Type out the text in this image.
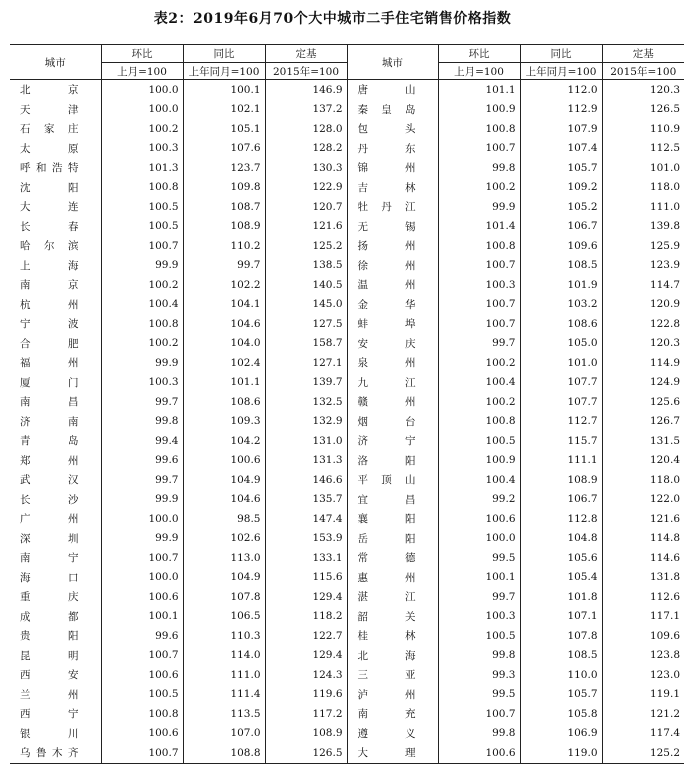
表2：2019年6月70个大中城市二手住宅销售价格指数
城市	环比	同比	定基	城市	环比	同比	定基
	上月=100	上年同月=100	2015年=100		上月=100	上年同月=100	2015年=100
北京	100.0	100.1	146.9	唐山	101.1	112.0	120.3
天津	100.0	102.1	137.2	秦皇岛	100.9	112.9	126.5
石家庄	100.2	105.1	128.0	包头	100.8	107.9	110.9
太原	100.3	107.6	128.2	丹东	100.7	107.4	112.5
呼和浩特	101.3	123.7	130.3	锦州	99.8	105.7	101.0
沈阳	100.8	109.8	122.9	吉林	100.2	109.2	118.0
大连	100.5	108.7	120.7	牡丹江	99.9	105.2	111.0
长春	100.5	108.9	121.6	无锡	101.4	106.7	139.8
哈尔滨	100.7	110.2	125.2	扬州	100.8	109.6	125.9
上海	99.9	99.7	138.5	徐州	100.7	108.5	123.9
南京	100.2	102.2	140.5	温州	100.3	101.9	114.7
杭州	100.4	104.1	145.0	金华	100.7	103.2	120.9
宁波	100.8	104.6	127.5	蚌埠	100.7	108.6	122.8
合肥	100.2	104.0	158.7	安庆	99.7	105.0	120.3
福州	99.9	102.4	127.1	泉州	100.2	101.0	114.9
厦门	100.3	101.1	139.7	九江	100.4	107.7	124.9
南昌	99.7	108.6	132.5	赣州	100.2	107.7	125.6
济南	99.8	109.3	132.9	烟台	100.8	112.7	126.7
青岛	99.4	104.2	131.0	济宁	100.5	115.7	131.5
郑州	99.6	100.6	131.3	洛阳	100.9	111.1	120.4
武汉	99.7	104.9	146.6	平顶山	100.4	108.9	118.0
长沙	99.9	104.6	135.7	宜昌	99.2	106.7	122.0
广州	100.0	98.5	147.4	襄阳	100.6	112.8	121.6
深圳	99.9	102.6	153.9	岳阳	100.0	104.8	114.8
南宁	100.7	113.0	133.1	常德	99.5	105.6	114.6
海口	100.0	104.9	115.6	惠州	100.1	105.4	131.8
重庆	100.6	107.8	129.4	湛江	99.7	101.8	112.6
成都	100.1	106.5	118.2	韶关	100.3	107.1	117.1
贵阳	99.6	110.3	122.7	桂林	100.5	107.8	109.6
昆明	100.7	114.0	129.4	北海	99.8	108.5	123.8
西安	100.6	111.0	124.3	三亚	99.3	110.0	123.0
兰州	100.5	111.4	119.6	泸州	99.5	105.7	119.1
西宁	100.8	113.5	117.2	南充	100.7	105.8	121.2
银川	100.6	107.0	108.9	遵义	99.8	106.9	117.4
乌鲁木齐	100.7	108.8	126.5	大理	100.6	119.0	125.2
